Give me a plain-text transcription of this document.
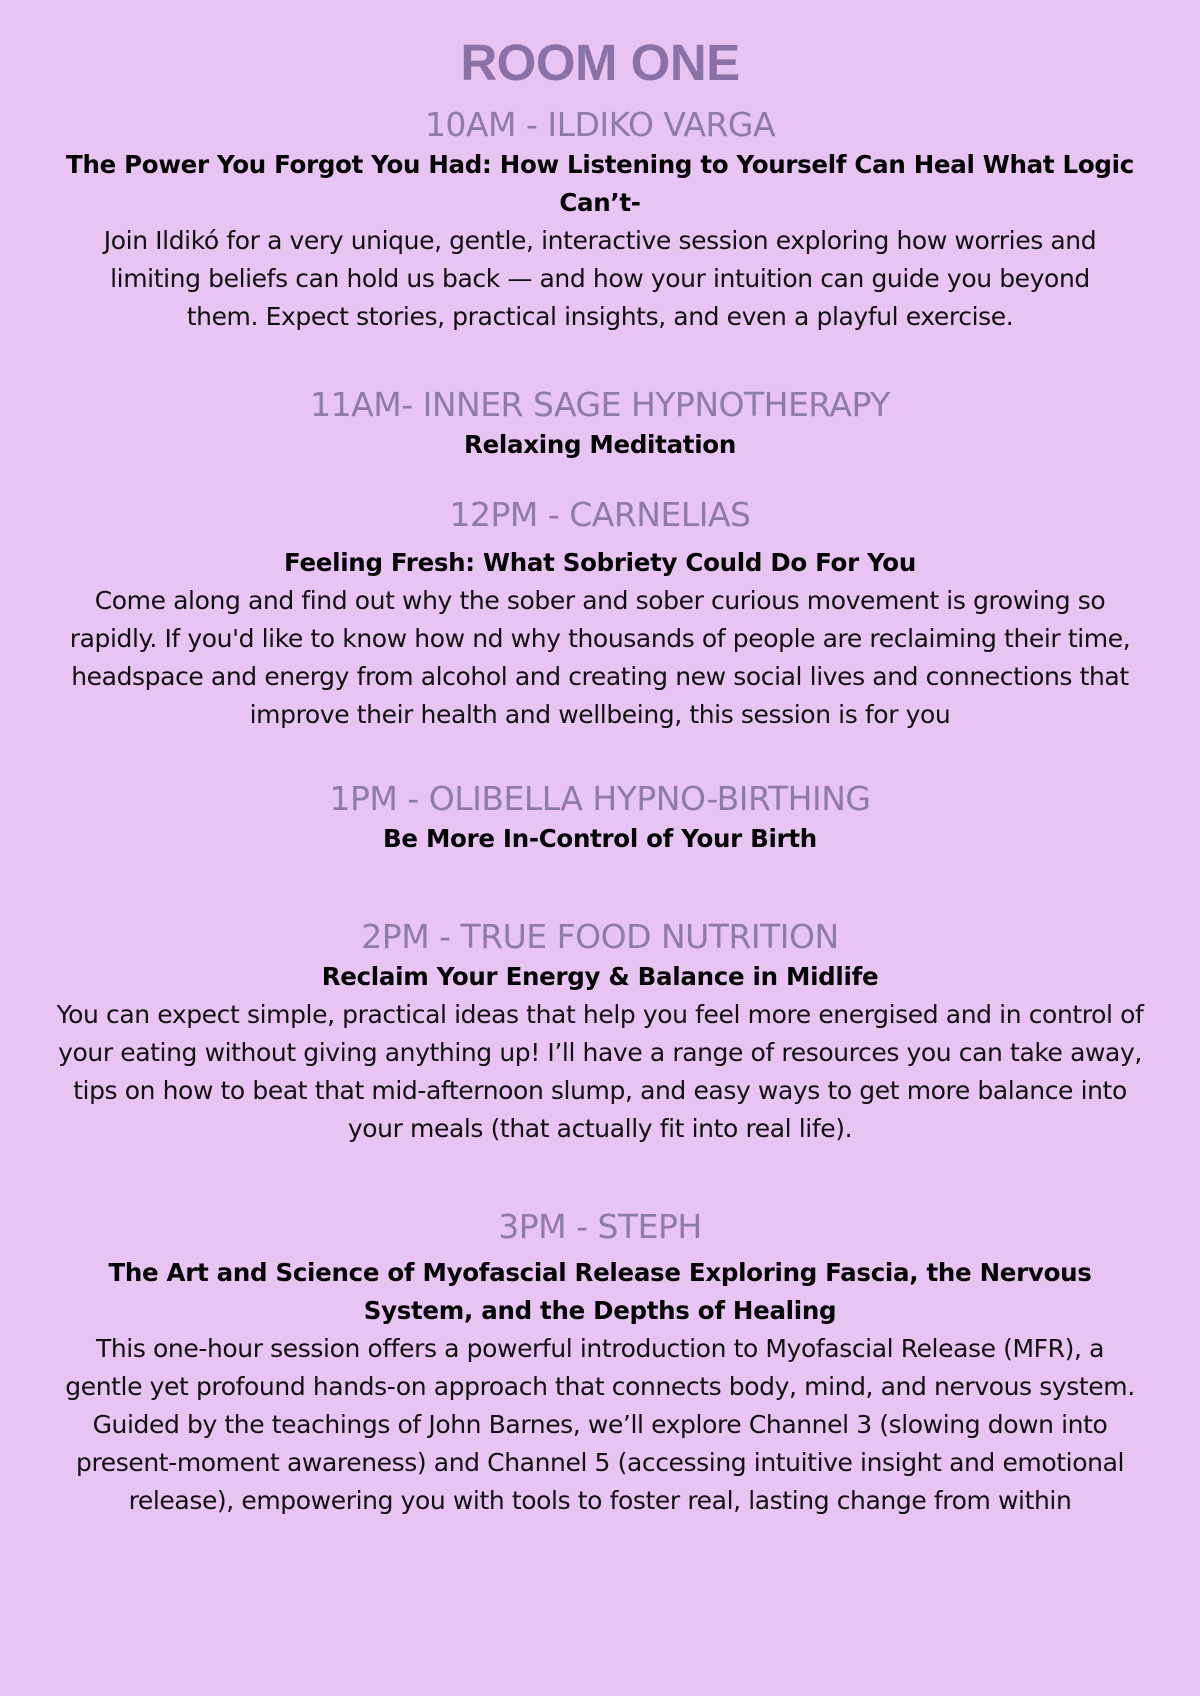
ROOM ONE
10AM - ILDIKO VARGA

The Power You Forgot You Had: How Listening to Yourself Can Heal What Logic Can’t-

Join Ildikó for a very unique, gentle, interactive session exploring how worries and limiting beliefs can hold us back — and how your intuition can guide you beyond them. Expect stories, practical insights, and even a playful exercise.

11AM- INNER SAGE HYPNOTHERAPY

Relaxing Meditation

12PM - CARNELIAS

Feeling Fresh: What Sobriety Could Do For You

Come along and find out why the sober and sober curious movement is growing so rapidly. If you'd like to know how nd why thousands of people are reclaiming their time, headspace and energy from alcohol and creating new social lives and connections that improve their health and wellbeing, this session is for you

1PM - OLIBELLA HYPNO-BIRTHING

Be More In-Control of Your Birth

2PM - TRUE FOOD NUTRITION

Reclaim Your Energy & Balance in Midlife

You can expect simple, practical ideas that help you feel more energised and in control of your eating without giving anything up! I’ll have a range of resources you can take away, tips on how to beat that mid-afternoon slump, and easy ways to get more balance into your meals (that actually fit into real life).

3PM - STEPH

The Art and Science of Myofascial Release Exploring Fascia, the Nervous System, and the Depths of Healing

This one-hour session offers a powerful introduction to Myofascial Release (MFR), a gentle yet profound hands-on approach that connects body, mind, and nervous system. Guided by the teachings of John Barnes, we’ll explore Channel 3 (slowing down into present-moment awareness) and Channel 5 (accessing intuitive insight and emotional release), empowering you with tools to foster real, lasting change from within
